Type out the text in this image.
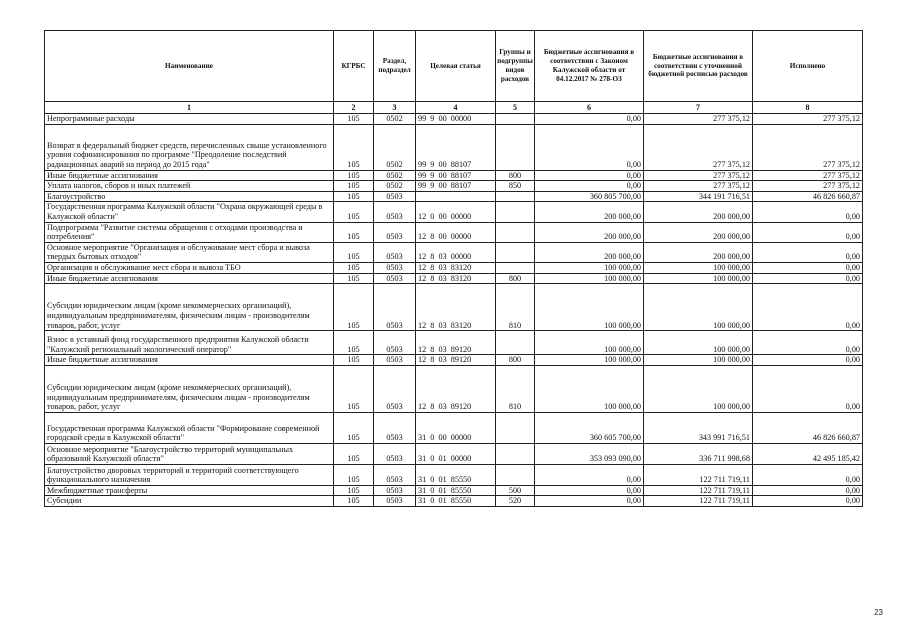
Наименование	КГРБС	Раздел, подраздел	Целевая статья	Группы и подгруппы видов расходов	Бюджетные ассигнования в соответствии с Законом Калужской области от 04.12.2017 № 278-ОЗ	Бюджетные ассигнования в соответствии с уточненной бюджетной росписью расходов	Исполнено
1	2	3	4	5	6	7	8
Непрограммные расходы	105	0502	99  9  00  00000		0,00	277 375,12	277 375,12
Возврат в федеральный бюджет средств, перечисленных свыше установленного уровня софинансирования по программе "Преодоление последствий радиационных аварий на период до 2015 года"	105	0502	99  9  00  88107		0,00	277 375,12	277 375,12
Иные бюджетные ассигнования	105	0502	99  9  00  88107	800	0,00	277 375,12	277 375,12
Уплата налогов, сборов и иных платежей	105	0502	99  9  00  88107	850	0,00	277 375,12	277 375,12
Благоустройство	105	0503			360 805 700,00	344 191 716,51	46 826 660,87
Государственная программа Калужской области "Охрана окружающей среды в Калужской области"	105	0503	12  0  00  00000		200 000,00	200 000,00	0,00
Подпрограмма "Развитие системы обращения с отходами производства и потребления"	105	0503	12  8  00  00000		200 000,00	200 000,00	0,00
Основное мероприятие "Организация и обслуживание мест сбора и вывоза твердых бытовых отходов"	105	0503	12  8  03  00000		200 000,00	200 000,00	0,00
Организация и обслуживание мест сбора и вывоза ТБО	105	0503	12  8  03  83120		100 000,00	100 000,00	0,00
Иные бюджетные ассигнования	105	0503	12  8  03  83120	800	100 000,00	100 000,00	0,00
Субсидии юридическим лицам (кроме некоммерческих организаций), индивидуальным предпринимателям, физическим лицам - производителям товаров, работ, услуг	105	0503	12  8  03  83120	810	100 000,00	100 000,00	0,00
Взнос в уставный фонд государственного предприятия Калужской области "Калужский региональный экологический оператор"	105	0503	12  8  03  89120		100 000,00	100 000,00	0,00
Иные бюджетные ассигнования	105	0503	12  8  03  89120	800	100 000,00	100 000,00	0,00
Субсидии юридическим лицам (кроме некоммерческих организаций), индивидуальным предпринимателям, физическим лицам - производителям товаров, работ, услуг	105	0503	12  8  03  89120	810	100 000,00	100 000,00	0,00
Государственная программа Калужской области "Формирование современной городской среды в Калужской области"	105	0503	31  0  00  00000		360 605 700,00	343 991 716,51	46 826 660,87
Основное мероприятие "Благоустройство территорий муниципальных образований Калужской области"	105	0503	31  0  01  00000		353 093 090,00	336 711 998,68	42 495 185,42
Благоустройство дворовых территорий и территорий соответствующего функционального назначения	105	0503	31  0  01  85550		0,00	122 711 719,11	0,00
Межбюджетные трансферты	105	0503	31  0  01  85550	500	0,00	122 711 719,11	0,00
Субсидии	105	0503	31  0  01  85550	520	0,00	122 711 719,11	0,00
23
